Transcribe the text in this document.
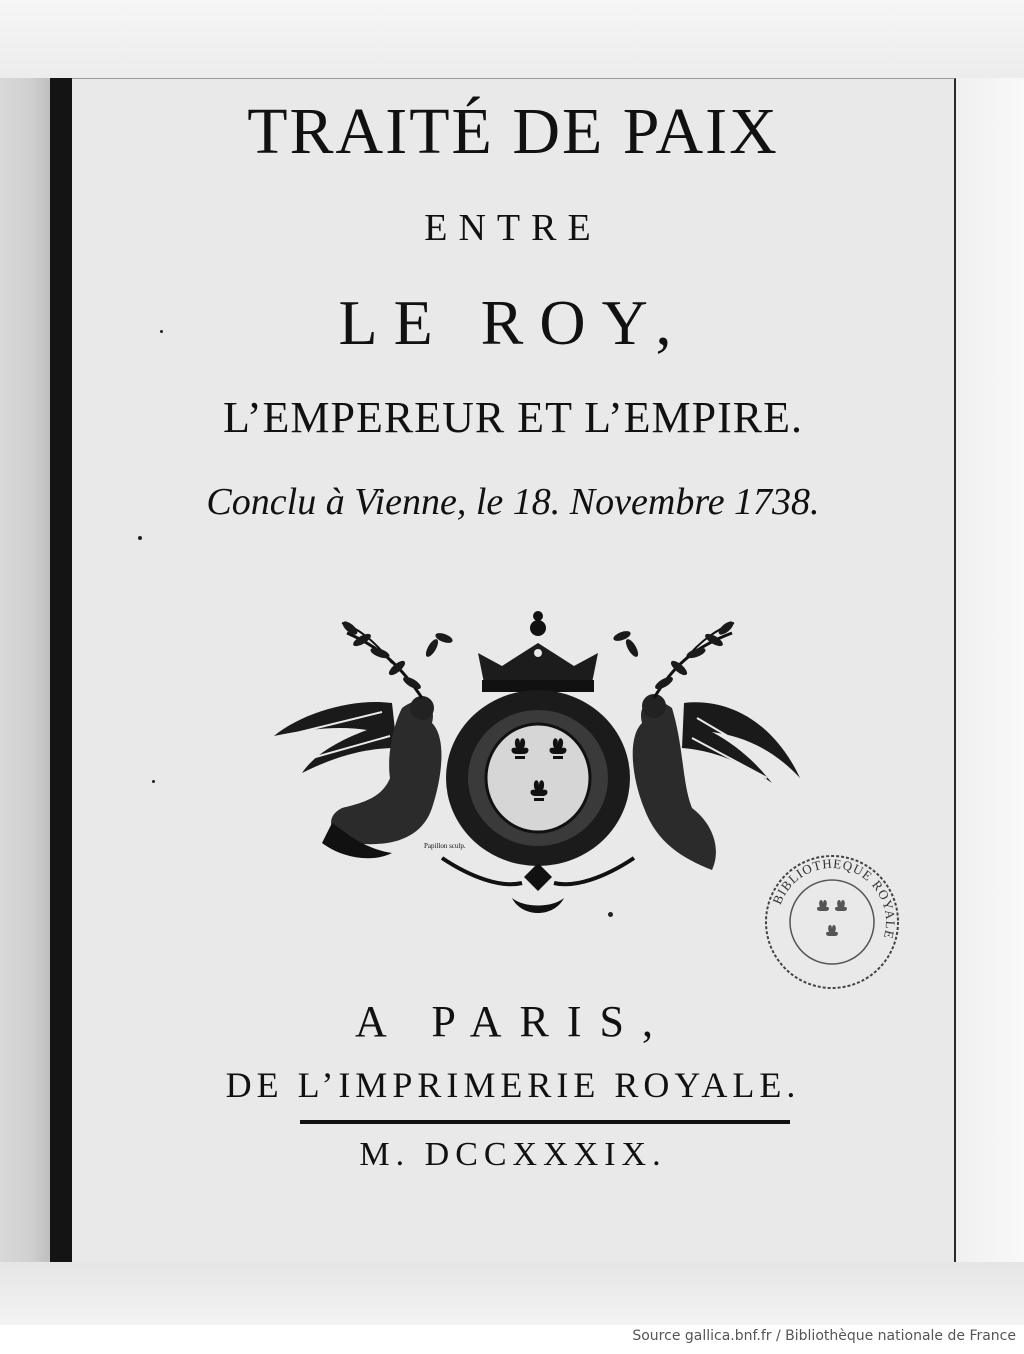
TRAITÉ DE PAIX
ENTRE
LE ROY,
L’EMPEREUR ET L’EMPIRE.
Conclu à Vienne, le 18. Novembre 1738.
Papillon sculp.
A PARIS,
DE L’IMPRIMERIE ROYALE.
M. DCCXXXIX.
BIBLIOTHEQUE ROYALE
Source gallica.bnf.fr / Bibliothèque nationale de France
